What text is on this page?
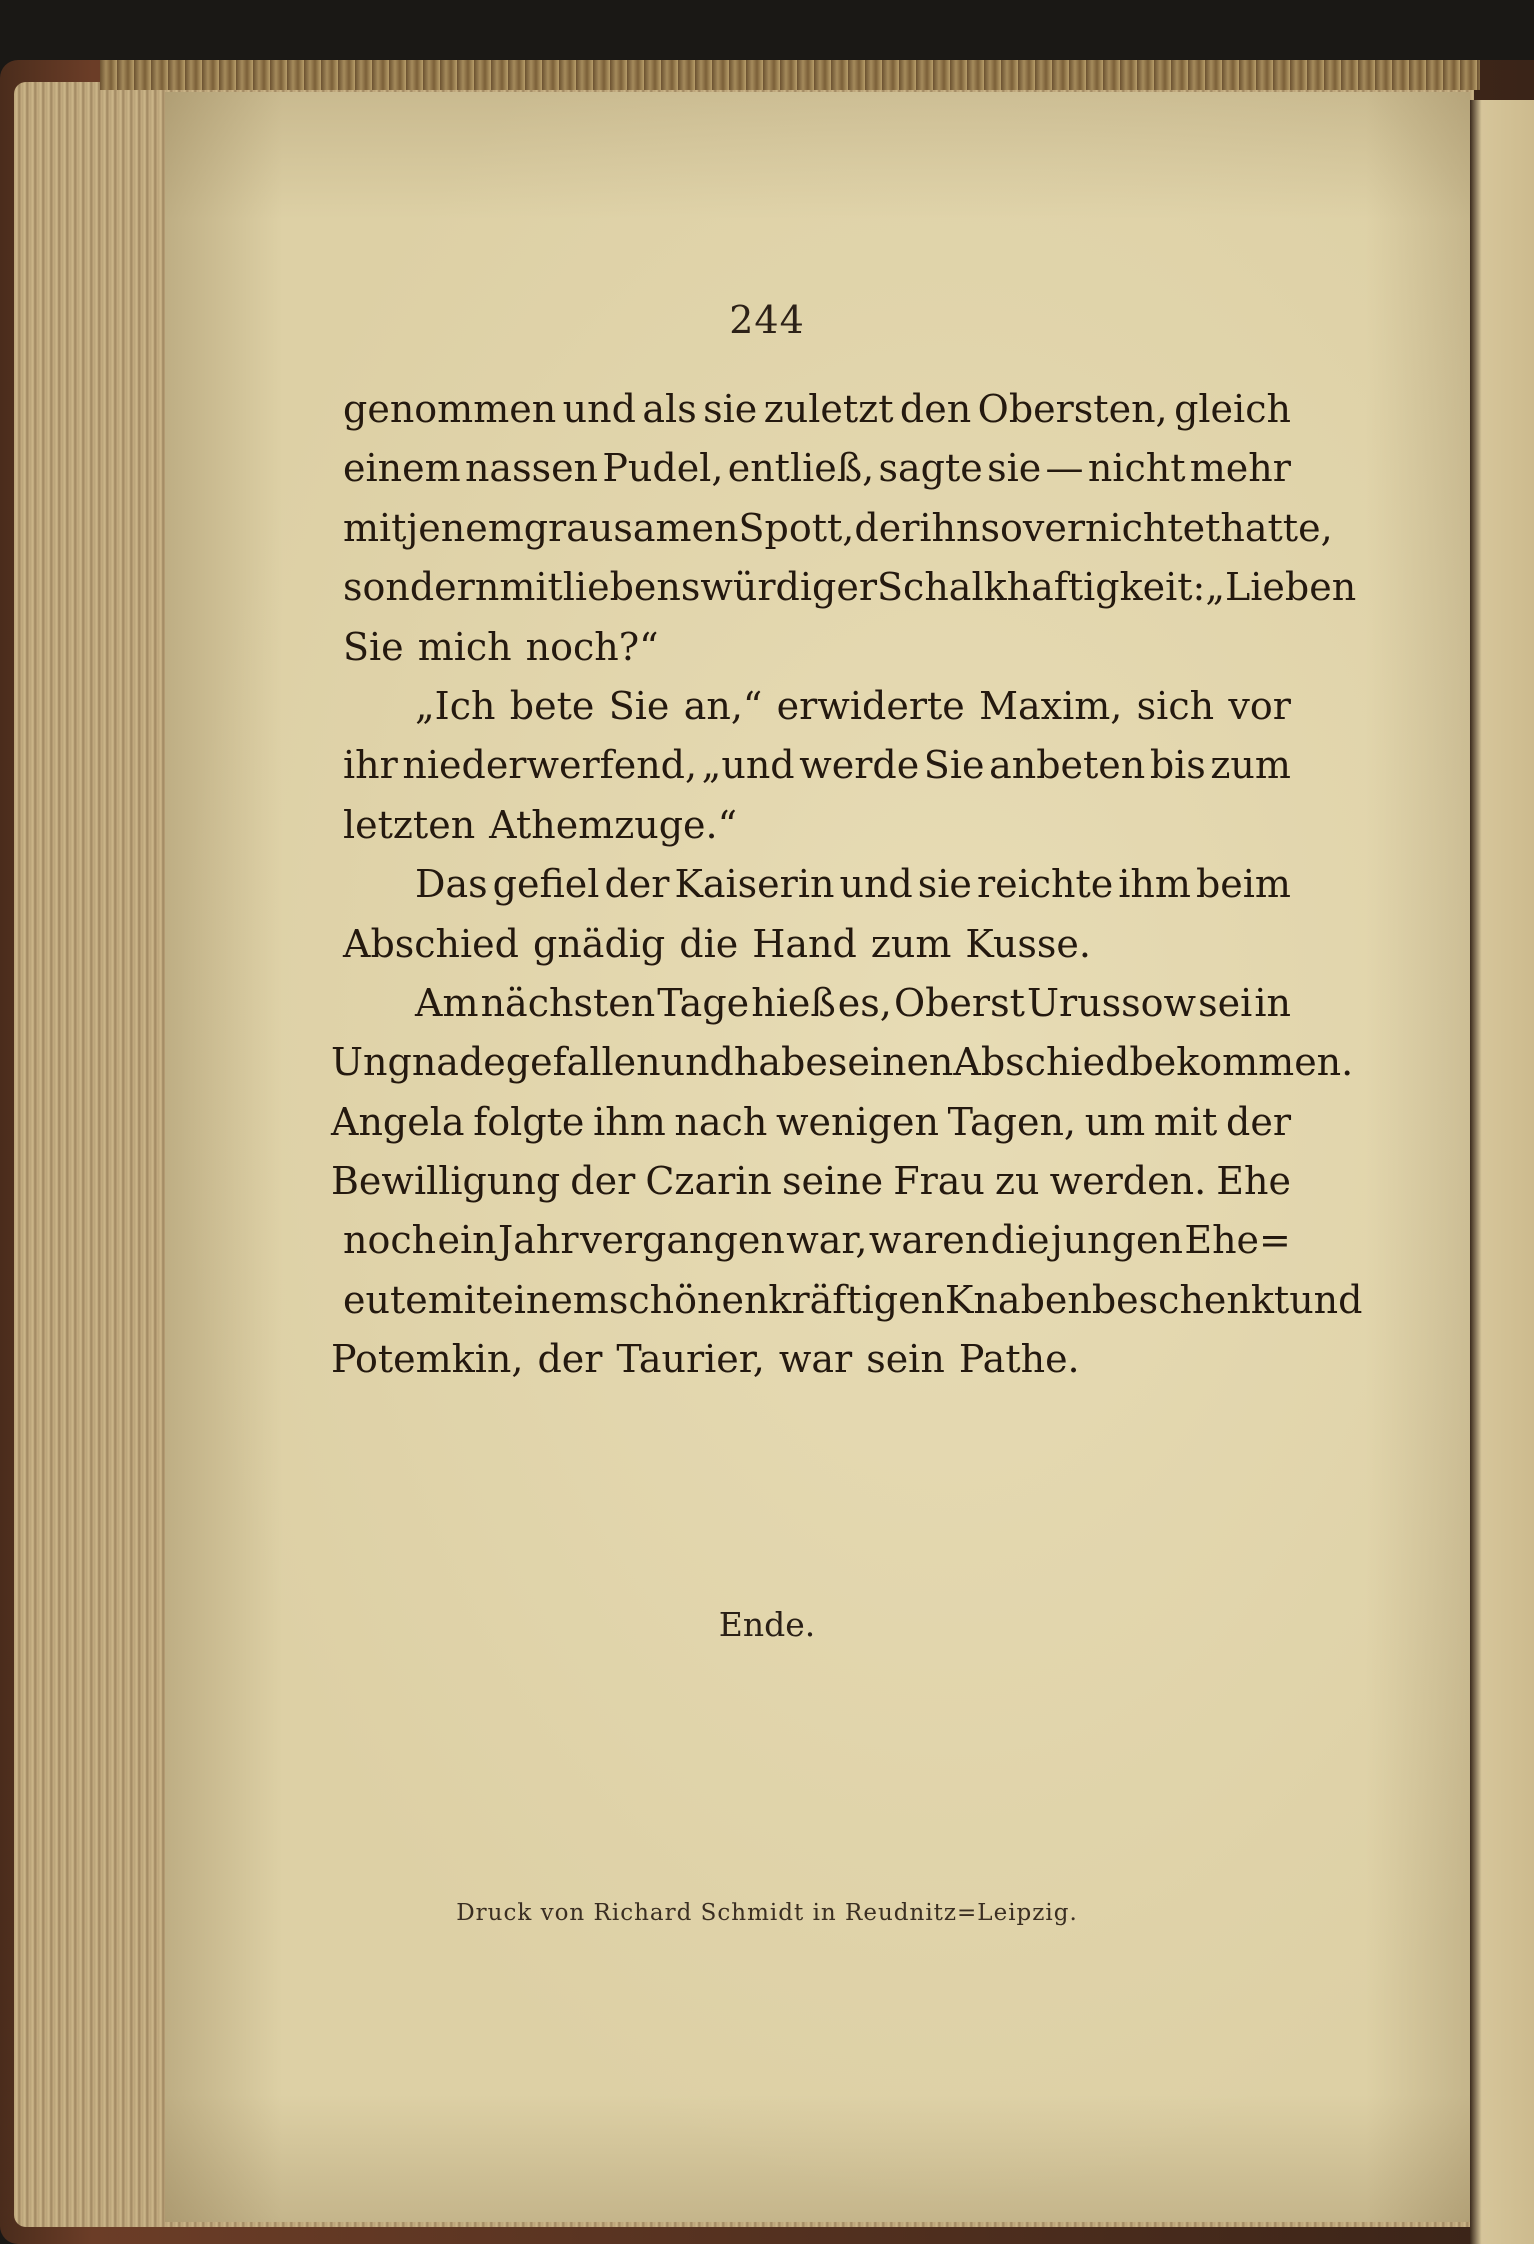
244
genommen und als sie zuletzt den Obersten, gleich
einem nassen Pudel, entließ, sagte sie — nicht mehr
mit jenem grausamen Spott, der ihn so vernichtet hatte,
sondern mit liebenswürdiger Schalkhaftigkeit: „Lieben
Sie mich noch?“
„Ich bete Sie an,“ erwiderte Maxim, sich vor
ihr niederwerfend, „und werde Sie anbeten bis zum
letzten Athemzuge.“
Das gefiel der Kaiserin und sie reichte ihm beim
Abschied gnädig die Hand zum Kusse.
Am nächsten Tage hieß es, Oberst Urussow sei in
Ungnade gefallen und habe seinen Abschied bekommen.
Angela folgte ihm nach wenigen Tagen, um mit der
Bewilligung der Czarin seine Frau zu werden. Ehe
noch ein Jahr vergangen war, waren die jungen Ehe=
eute mit einem schönen kräftigen Knaben beschenkt und
Potemkin, der Taurier, war sein Pathe.
Ende.
Druck von Richard Schmidt in Reudnitz=Leipzig.
